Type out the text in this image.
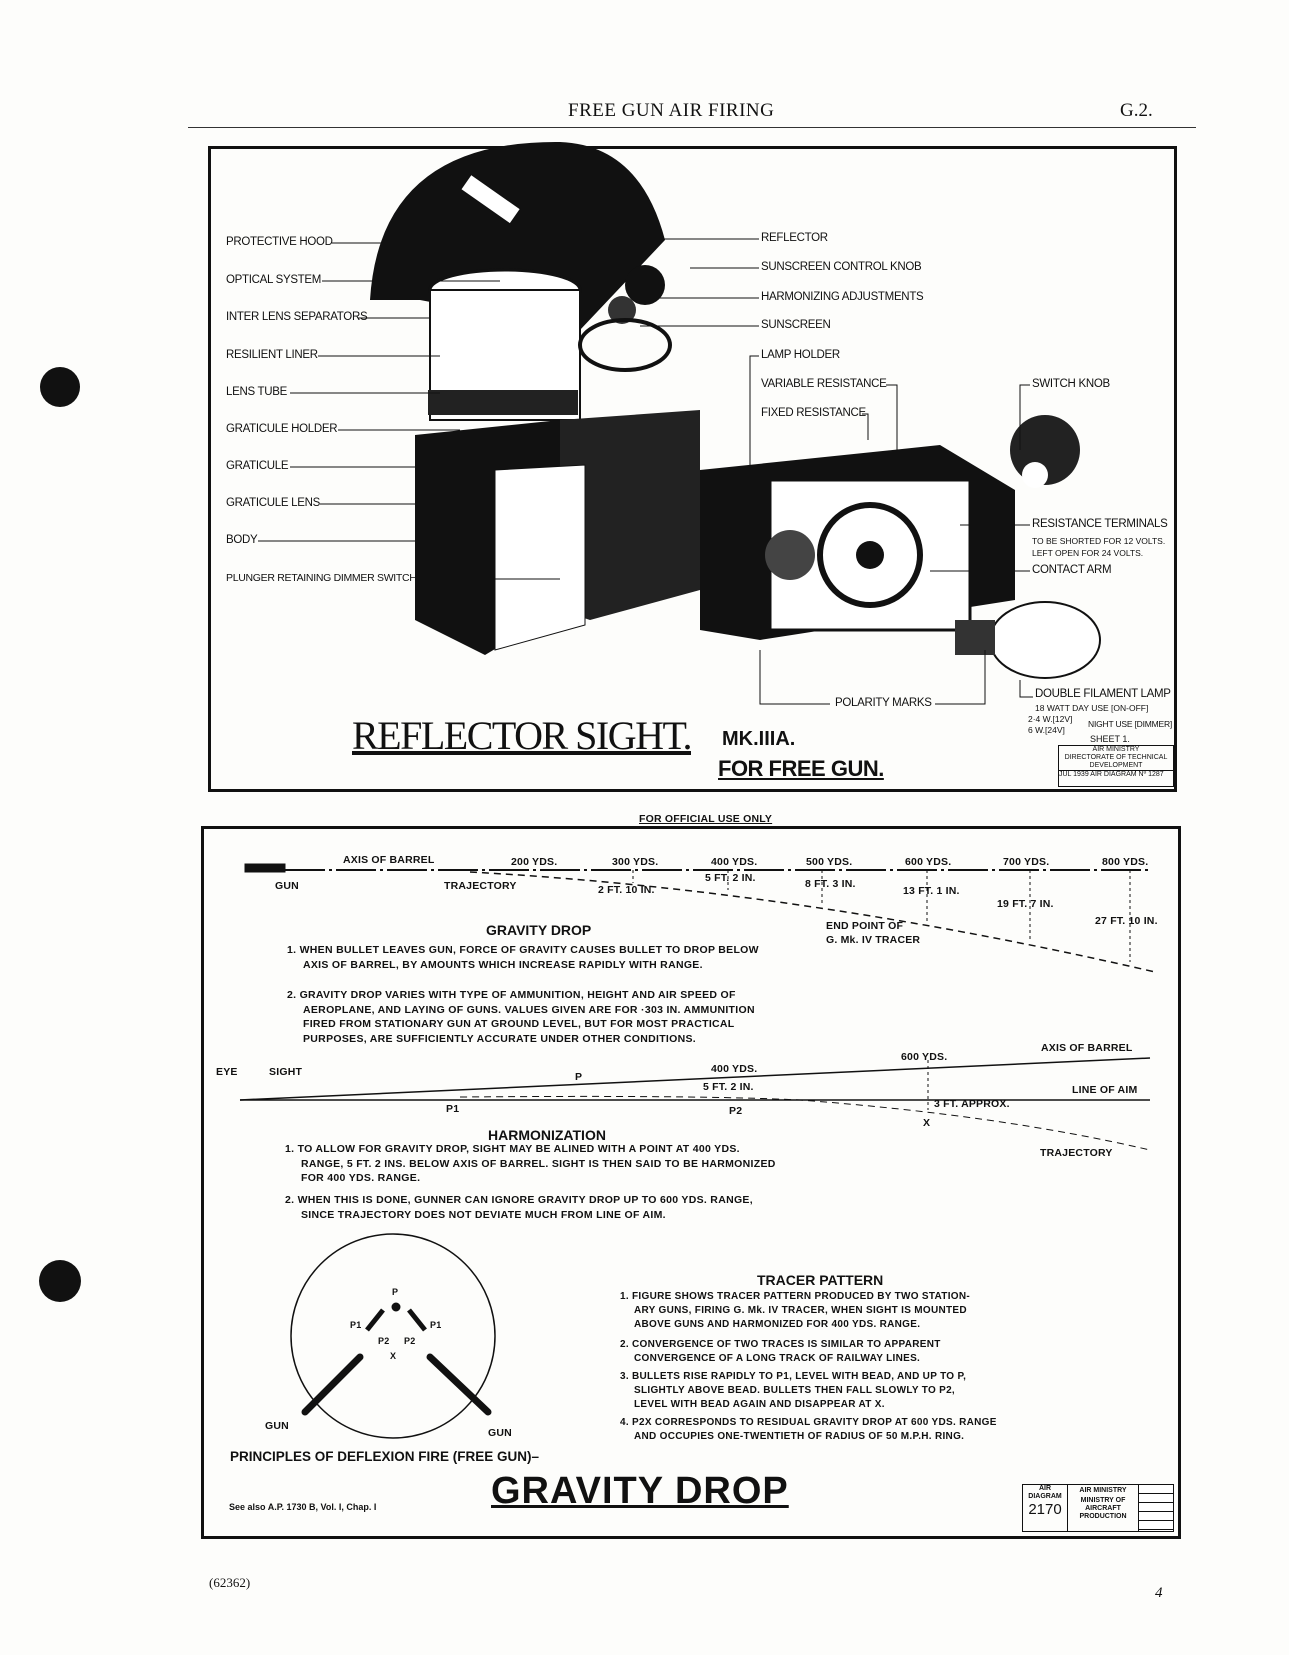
FREE GUN AIR FIRING	G.2.
PROTECTIVE HOOD
OPTICAL SYSTEM
INTER LENS SEPARATORS
RESILIENT LINER
LENS TUBE
GRATICULE HOLDER
GRATICULE
GRATICULE LENS
BODY
PLUNGER RETAINING DIMMER SWITCH
REFLECTOR
SUNSCREEN CONTROL KNOB
HARMONIZING ADJUSTMENTS
SUNSCREEN
LAMP HOLDER
VARIABLE RESISTANCE
FIXED RESISTANCE
SWITCH KNOB
RESISTANCE TERMINALS
TO BE SHORTED FOR 12 VOLTS.
LEFT OPEN FOR 24 VOLTS.
CONTACT ARM
POLARITY MARKS
DOUBLE FILAMENT LAMP
18 WATT DAY USE [ON-OFF]
2·4 W.[12V]
6 W.[24V]
NIGHT USE [DIMMER]
REFLECTOR SIGHT. MK.IIIA.
FOR FREE GUN.
SHEET 1.
AIR MINISTRY
DIRECTORATE OF TECHNICAL
DEVELOPMENT
JUL 1939 AIR DIAGRAM Nº 1287
FOR OFFICIAL USE ONLY
AXIS OF BARREL	200 YDS.	300 YDS.	400 YDS.	500 YDS.	600 YDS.	700 YDS.	800 YDS.
GUN	TRAJECTORY	2 FT. 10 IN.
5 FT. 2 IN.	8 FT. 3 IN.
13 FT. 1 IN.
19 FT. 7 IN.
27 FT. 10 IN.
END POINT OF
G. Mk. IV TRACER
GRAVITY DROP
1. WHEN BULLET LEAVES GUN, FORCE OF GRAVITY CAUSES BULLET TO DROP BELOW
AXIS OF BARREL, BY AMOUNTS WHICH INCREASE RAPIDLY WITH RANGE.
2. GRAVITY DROP VARIES WITH TYPE OF AMMUNITION, HEIGHT AND AIR SPEED OF
AEROPLANE, AND LAYING OF GUNS. VALUES GIVEN ARE FOR ·303 IN. AMMUNITION
FIRED FROM STATIONARY GUN AT GROUND LEVEL, BUT FOR MOST PRACTICAL
PURPOSES, ARE SUFFICIENTLY ACCURATE UNDER OTHER CONDITIONS.
EYE	SIGHT	P
400 YDS.
600 YDS.
AXIS OF BARREL
5 FT. 2 IN.	LINE OF AIM
P1	P2
3 FT. APPROX.
X
TRAJECTORY
HARMONIZATION
1. TO ALLOW FOR GRAVITY DROP, SIGHT MAY BE ALINED WITH A POINT AT 400 YDS.
RANGE, 5 FT. 2 INS. BELOW AXIS OF BARREL. SIGHT IS THEN SAID TO BE HARMONIZED
FOR 400 YDS. RANGE.
2. WHEN THIS IS DONE, GUNNER CAN IGNORE GRAVITY DROP UP TO 600 YDS. RANGE,
SINCE TRAJECTORY DOES NOT DEVIATE MUCH FROM LINE OF AIM.
P
P1	P1
P2 P2
X
GUN
GUN
TRACER PATTERN
1. FIGURE SHOWS TRACER PATTERN PRODUCED BY TWO STATION-
ARY GUNS, FIRING G. Mk. IV TRACER, WHEN SIGHT IS MOUNTED
ABOVE GUNS AND HARMONIZED FOR 400 YDS. RANGE.
2. CONVERGENCE OF TWO TRACES IS SIMILAR TO APPARENT
CONVERGENCE OF A LONG TRACK OF RAILWAY LINES.
3. BULLETS RISE RAPIDLY TO P1, LEVEL WITH BEAD, AND UP TO P,
SLIGHTLY ABOVE BEAD. BULLETS THEN FALL SLOWLY TO P2,
LEVEL WITH BEAD AGAIN AND DISAPPEAR AT X.
4. P2X CORRESPONDS TO RESIDUAL GRAVITY DROP AT 600 YDS. RANGE
AND OCCUPIES ONE-TWENTIETH OF RADIUS OF 50 M.P.H. RING.
PRINCIPLES OF DEFLEXION FIRE (FREE GUN)–
GRAVITY DROP
See also A.P. 1730 B, Vol. I, Chap. I
AIR DIAGRAM
2170
AIR MINISTRY
MINISTRY OF AIRCRAFT PRODUCTION
(62362)
4
